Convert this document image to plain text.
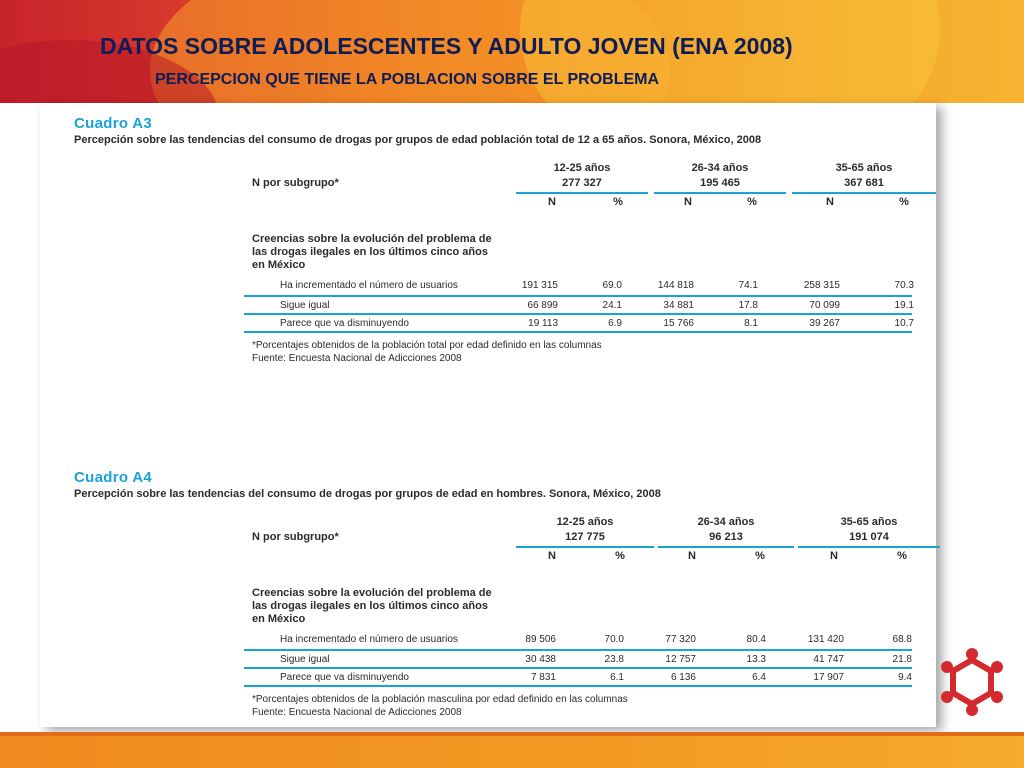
DATOS SOBRE ADOLESCENTES Y ADULTO JOVEN (ENA 2008)
PERCEPCION QUE TIENE LA POBLACION SOBRE EL PROBLEMA

Cuadro A3

Percepción sobre las tendencias del consumo de drogas por grupos de edad población total de 12 a 65 años. Sonora, México, 2008

N por subgrupo*
12-25 años
277 327
26-34 años
195 465
35-65 años
367 681
N	%	N	%	N	%
Creencias sobre la evolución del problema de las drogas ilegales en los últimos cinco años en México
Ha incrementado el número de usuarios	191 315	69.0	144 818	74.1	258 315	70.3
Sigue igual	66 899	24.1	34 881	17.8	70 099	19.1
Parece que va disminuyendo	19 113	6.9	15 766	8.1	39 267	10.7
*Porcentajes obtenidos de la población total por edad definido en las columnas
Fuente: Encuesta Nacional de Adicciones 2008

Cuadro A4

Percepción sobre las tendencias del consumo de drogas por grupos de edad en hombres. Sonora, México, 2008

N por subgrupo*
12-25 años
127 775
26-34 años
96 213
35-65 años
191 074
N	%	N	%	N	%
Creencias sobre la evolución del problema de las drogas ilegales en los últimos cinco años en México
Ha incrementado el número de usuarios	89 506	70.0	77 320	80.4	131 420	68.8
Sigue igual	30 438	23.8	12 757	13.3	41 747	21.8
Parece que va disminuyendo	7 831	6.1	6 136	6.4	17 907	9.4
*Porcentajes obtenidos de la población masculina por edad definido en las columnas
Fuente: Encuesta Nacional de Adicciones 2008
